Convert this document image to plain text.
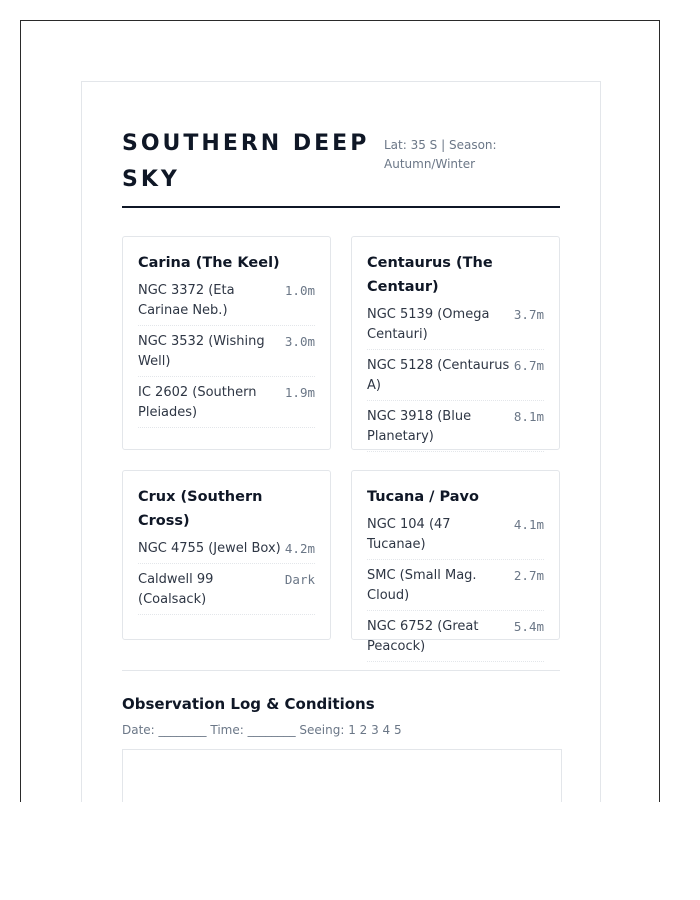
SOUTHERN DEEP SKY
Lat: 35 S | Season: Autumn/Winter
Carina (The Keel)
NGC 3372 (Eta Carinae Neb.)
1.0m
NGC 3532 (Wishing Well)
3.0m
IC 2602 (Southern Pleiades)
1.9m
Centaurus (The Centaur)
NGC 5139 (Omega Centauri)
3.7m
NGC 5128 (Centaurus A)
6.7m
NGC 3918 (Blue Planetary)
8.1m
Crux (Southern Cross)
NGC 4755 (Jewel Box) 4.2m
Caldwell 99 (Coalsack)
Dark
Tucana / Pavo
NGC 104 (47 Tucanae)
4.1m
SMC (Small Mag. Cloud)
2.7m
NGC 6752 (Great Peacock)
5.4m
Observation Log & Conditions
Date: ________ Time: ________ Seeing: 1 2 3 4 5
